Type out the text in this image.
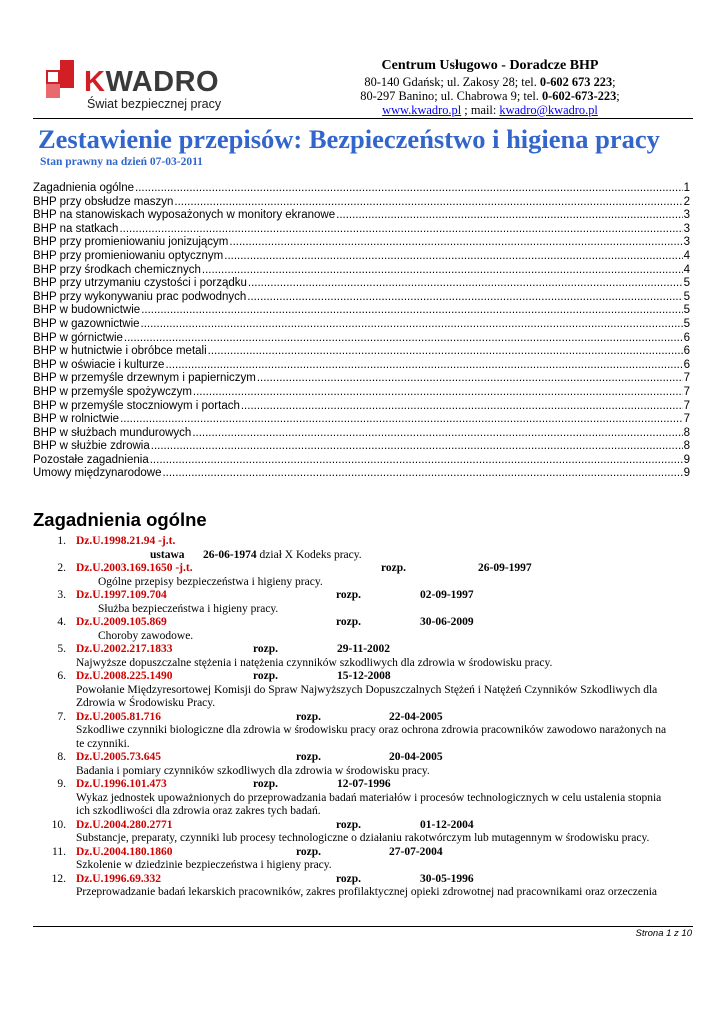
KWADRO
Świat bezpiecznej pracy
Centrum Usługowo - Doradcze BHP
80-140 Gdańsk; ul. Zakosy 28; tel. 0-602 673 223;
80-297 Banino; ul. Chabrowa 9; tel. 0-602-673-223;
www.kwadro.pl ; mail: kwadro@kwadro.pl
Zestawienie przepisów: Bezpieczeństwo i higiena pracy
Stan prawny na dzień 07-03-2011
Zagadnienia ogólne .....	1
BHP przy obsłudze maszyn .....	2
BHP na stanowiskach wyposażonych w monitory ekranowe .....	3
BHP na statkach .....	3
BHP przy promieniowaniu jonizującym .....	3
BHP przy promieniowaniu optycznym .....	4
BHP przy środkach chemicznych .....	4
BHP przy utrzymaniu czystości i porządku .....	5
BHP przy wykonywaniu prac podwodnych .....	5
BHP w budownictwie .....	5
BHP w gazownictwie .....	5
BHP w górnictwie .....	6
BHP w hutnictwie i obróbce metali .....	6
BHP w oświacie i kulturze .....	6
BHP w przemyśle drzewnym i papierniczym .....	7
BHP w przemyśle spożywczym .....	7
BHP w przemyśle stoczniowym i portach .....	7
BHP w rolnictwie .....	7
BHP w służbach mundurowych .....	8
BHP w służbie zdrowia .....	8
Pozostałe zagadnienia .....	9
Umowy międzynarodowe .....	9
Zagadnienia ogólne
1. Dz.U.1998.21.94 -j.t.
ustawa 26-06-1974 dział X Kodeks pracy.
2. Dz.U.2003.169.1650 -j.t.	rozp.	26-09-1997
Ogólne przepisy bezpieczeństwa i higieny pracy.
3. Dz.U.1997.109.704	rozp.	02-09-1997
Służba bezpieczeństwa i higieny pracy.
4. Dz.U.2009.105.869	rozp.	30-06-2009
Choroby zawodowe.
5. Dz.U.2002.217.1833	rozp.	29-11-2002
Najwyższe dopuszczalne stężenia i natężenia czynników szkodliwych dla zdrowia w środowisku pracy.
6. Dz.U.2008.225.1490	rozp.	15-12-2008
Powołanie Międzyresortowej Komisji do Spraw Najwyższych Dopuszczalnych Stężeń i Natężeń Czynników Szkodliwych dla
Zdrowia w Środowisku Pracy.
7. Dz.U.2005.81.716	rozp.	22-04-2005
Szkodliwe czynniki biologiczne dla zdrowia w środowisku pracy oraz ochrona zdrowia pracowników zawodowo narażonych na
te czynniki.
8. Dz.U.2005.73.645	rozp.	20-04-2005
Badania i pomiary czynników szkodliwych dla zdrowia w środowisku pracy.
9. Dz.U.1996.101.473	rozp.	12-07-1996
Wykaz jednostek upoważnionych do przeprowadzania badań materiałów i procesów technologicznych w celu ustalenia stopnia
ich szkodliwości dla zdrowia oraz zakres tych badań.
10. Dz.U.2004.280.2771	rozp.	01-12-2004
Substancje, preparaty, czynniki lub procesy technologiczne o działaniu rakotwórczym lub mutagennym w środowisku pracy.
11. Dz.U.2004.180.1860	rozp.	27-07-2004
Szkolenie w dziedzinie bezpieczeństwa i higieny pracy.
12. Dz.U.1996.69.332	rozp.	30-05-1996
Przeprowadzanie badań lekarskich pracowników, zakres profilaktycznej opieki zdrowotnej nad pracownikami oraz orzeczenia
Strona 1 z 10
